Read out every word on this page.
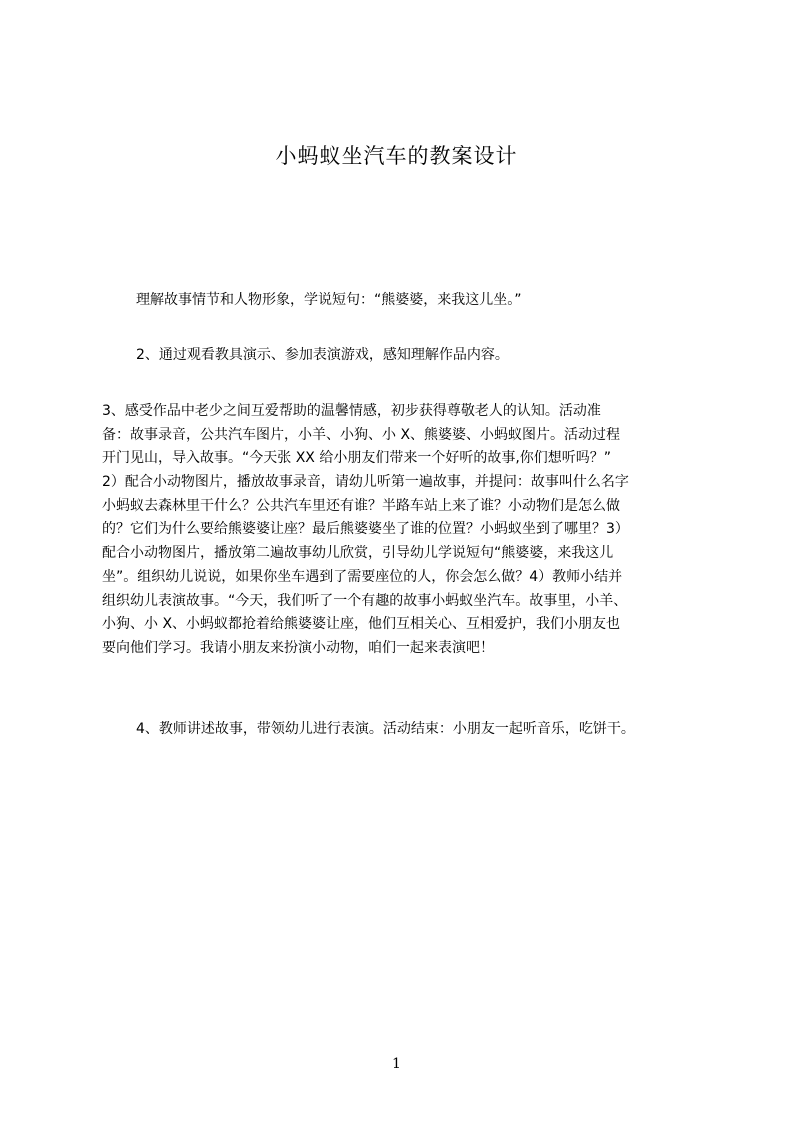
小蚂蚁坐汽车的教案设计
理解故事情节和人物形象，学说短句：“熊婆婆，来我这儿坐。”
2、通过观看教具演示、参加表演游戏，感知理解作品内容。
3、感受作品中老少之间互爱帮助的温馨情感，初步获得尊敬老人的认知。活动准
备：故事录音，公共汽车图片，小羊、小狗、小 X、熊婆婆、小蚂蚁图片。活动过程
开门见山，导入故事。“今天张 XX 给小朋友们带来一个好听的故事,你们想听吗？”
2）配合小动物图片，播放故事录音，请幼儿听第一遍故事，并提问：故事叫什么名字
小蚂蚁去森林里干什么？公共汽车里还有谁？半路车站上来了谁？小动物们是怎么做
的？它们为什么要给熊婆婆让座？最后熊婆婆坐了谁的位置？小蚂蚁坐到了哪里？3）
配合小动物图片，播放第二遍故事幼儿欣赏，引导幼儿学说短句“熊婆婆，来我这儿
坐”。组织幼儿说说，如果你坐车遇到了需要座位的人，你会怎么做？4）教师小结并
组织幼儿表演故事。“今天，我们听了一个有趣的故事小蚂蚁坐汽车。故事里，小羊、
小狗、小 X、小蚂蚁都抢着给熊婆婆让座，他们互相关心、互相爱护，我们小朋友也
要向他们学习。我请小朋友来扮演小动物，咱们一起来表演吧！
4、教师讲述故事，带领幼儿进行表演。活动结束：小朋友一起听音乐，吃饼干。
1
